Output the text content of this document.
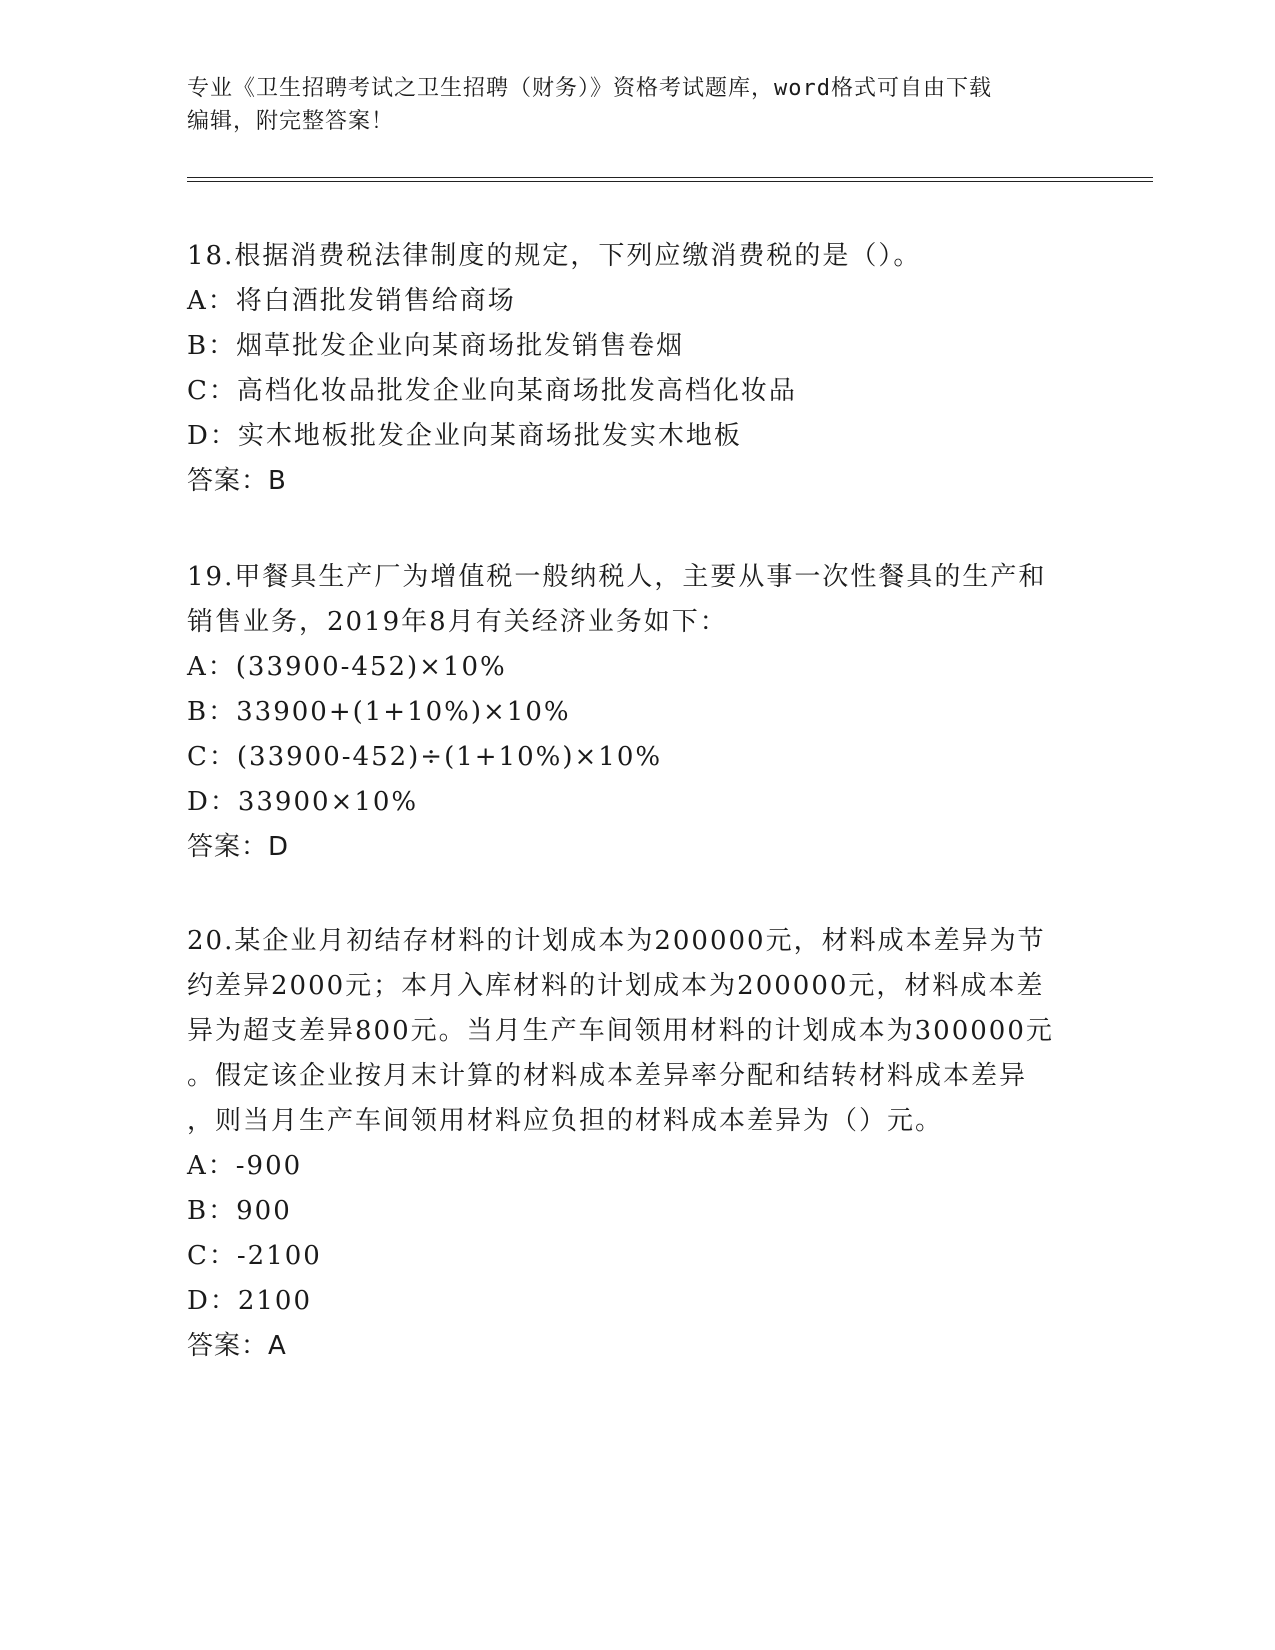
专业《卫生招聘考试之卫生招聘（财务）》资格考试题库，word格式可自由下载
编辑，附完整答案！
18.根据消费税法律制度的规定，下列应缴消费税的是（）。
A：将白酒批发销售给商场
B：烟草批发企业向某商场批发销售卷烟
C：高档化妆品批发企业向某商场批发高档化妆品
D：实木地板批发企业向某商场批发实木地板
答案：B
19.甲餐具生产厂为增值税一般纳税人，主要从事一次性餐具的生产和
销售业务，2019年8月有关经济业务如下：
A：(33900-452)×10%
B：33900+(1+10%)×10%
C：(33900-452)÷(1+10%)×10%
D：33900×10%
答案：D
20.某企业月初结存材料的计划成本为200000元，材料成本差异为节
约差异2000元；本月入库材料的计划成本为200000元，材料成本差
异为超支差异800元。当月生产车间领用材料的计划成本为300000元
。假定该企业按月末计算的材料成本差异率分配和结转材料成本差异
，则当月生产车间领用材料应负担的材料成本差异为（）元。
A：-900
B：900
C：-2100
D：2100
答案：A
